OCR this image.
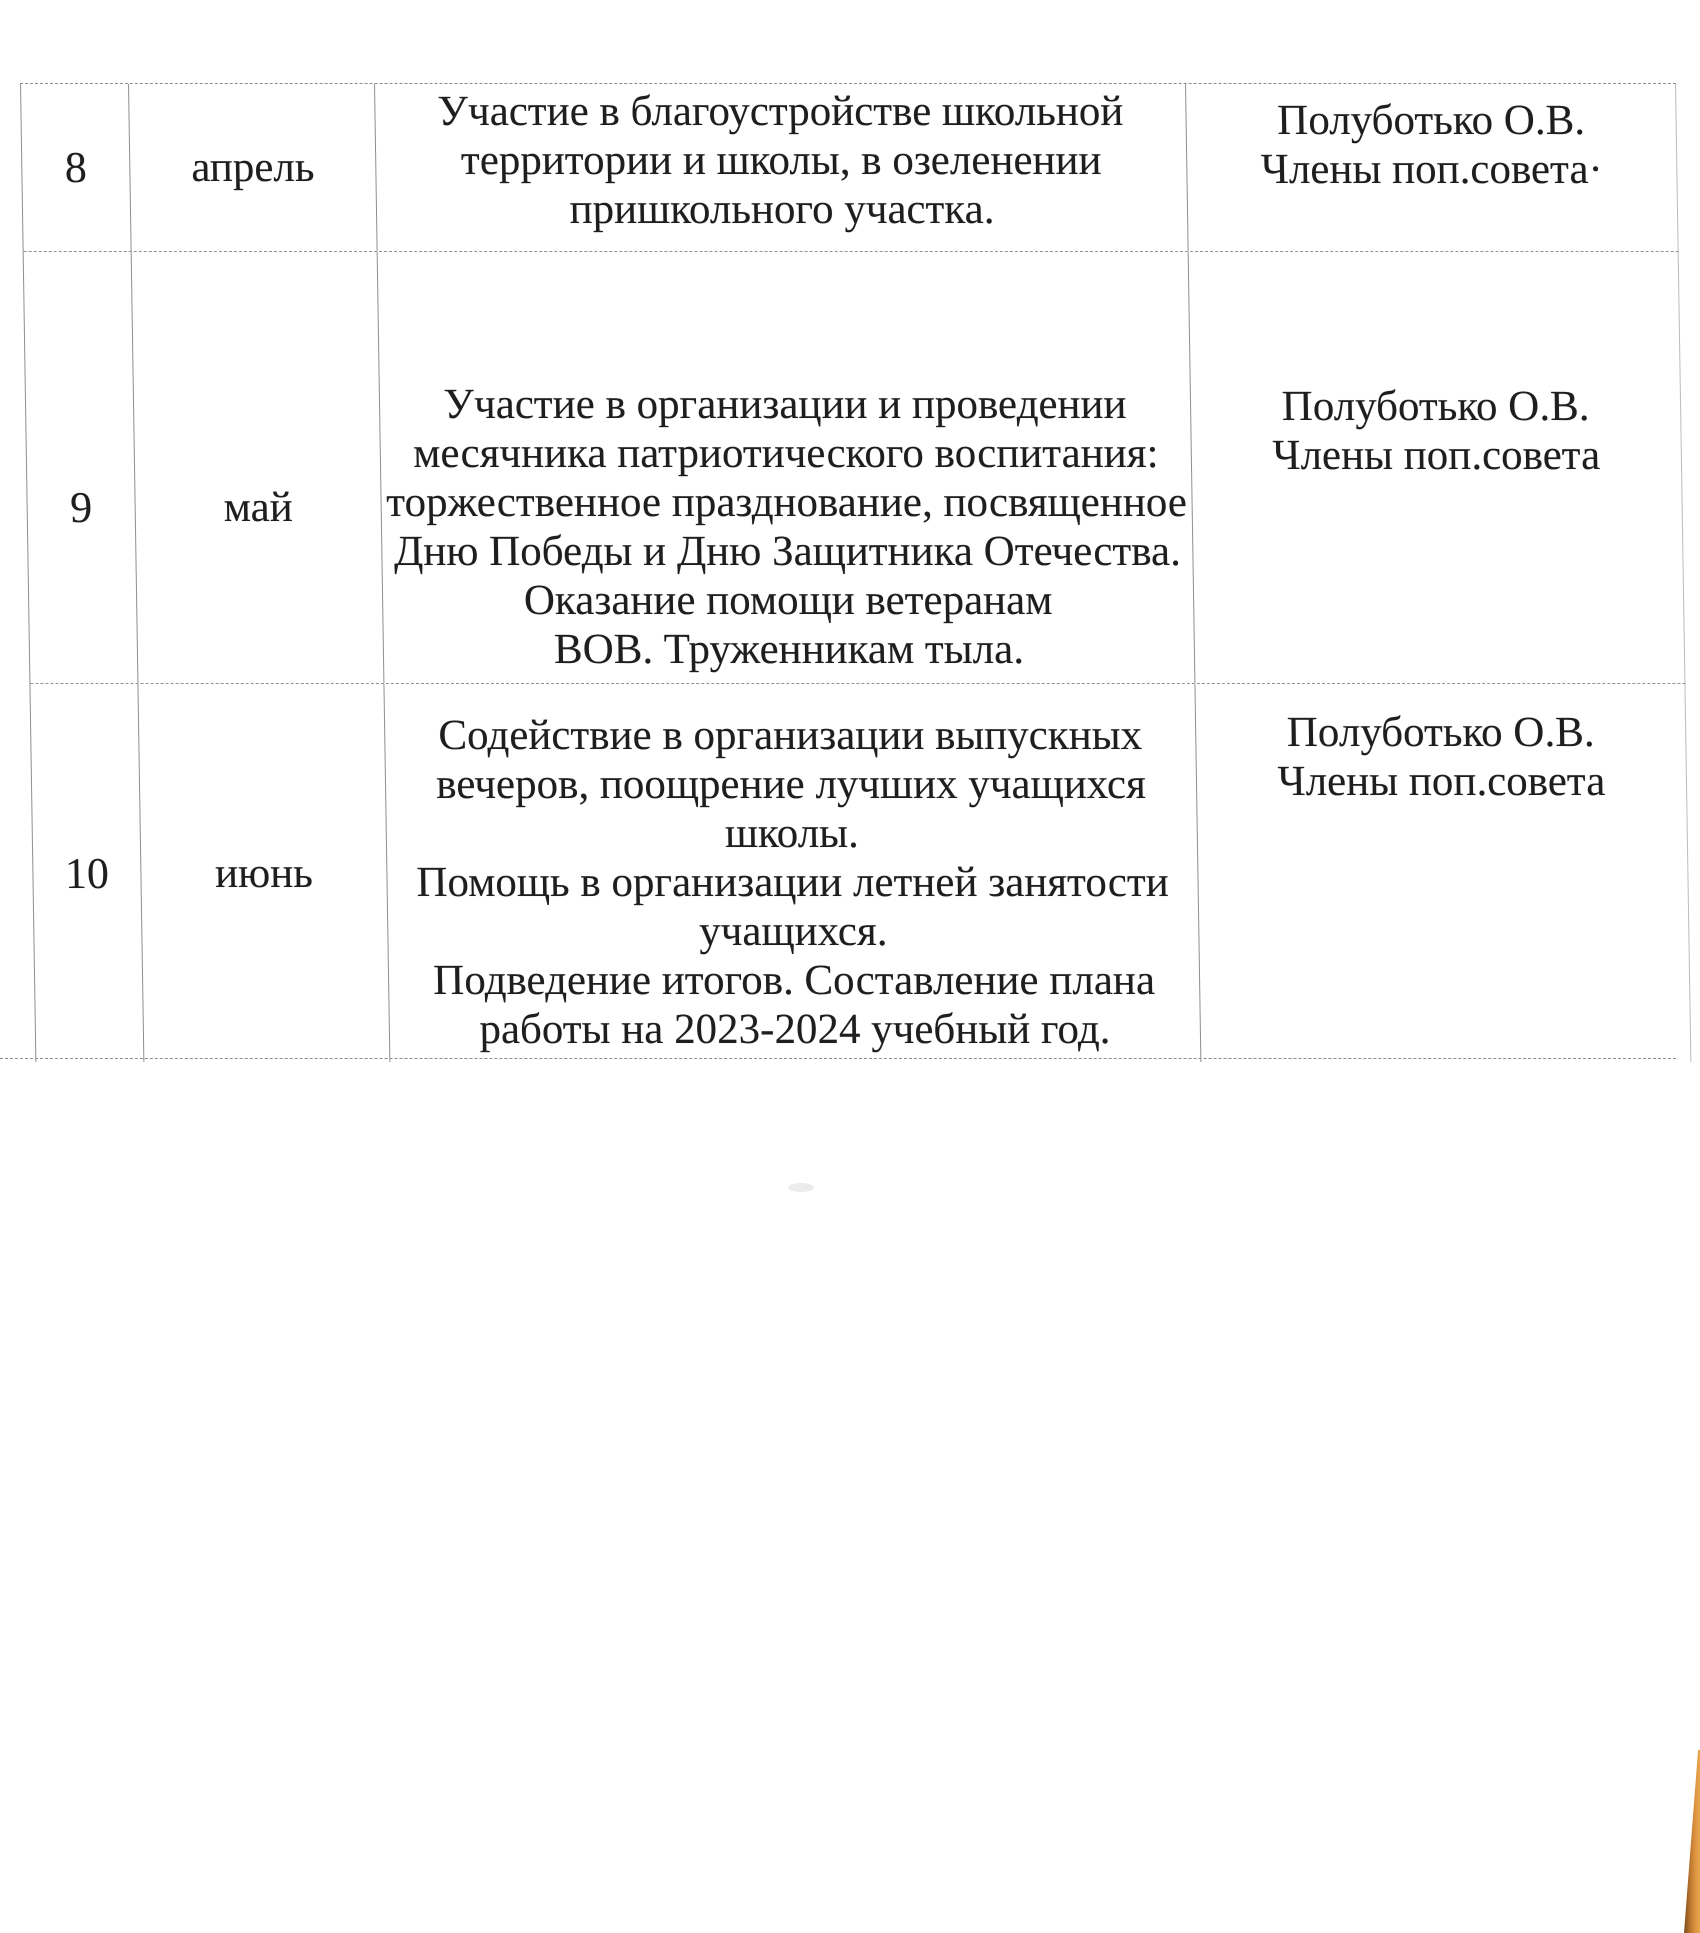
8 апрель
Участие в благоустройстве школьной
территории и школы, в озеленении
пришкольного участка.
Полуботько О.В.
Члены поп.совета·
9	май
Участие в организации и проведении
месячника патриотического воспитания:
торжественное празднование, посвященное
Дню Победы и Дню Защитника Отечества.
Оказание помощи ветеранам
ВОВ. Труженникам тыла.
Полуботько О.В.
Члены поп.совета
10 июнь
Содействие в организации выпускных
вечеров, поощрение лучших учащихся
школы.
Помощь в организации летней занятости
учащихся.
Подведение итогов. Составление плана
работы на 2023-2024 учебный год.
Полуботько О.В.
Члены поп.совета
